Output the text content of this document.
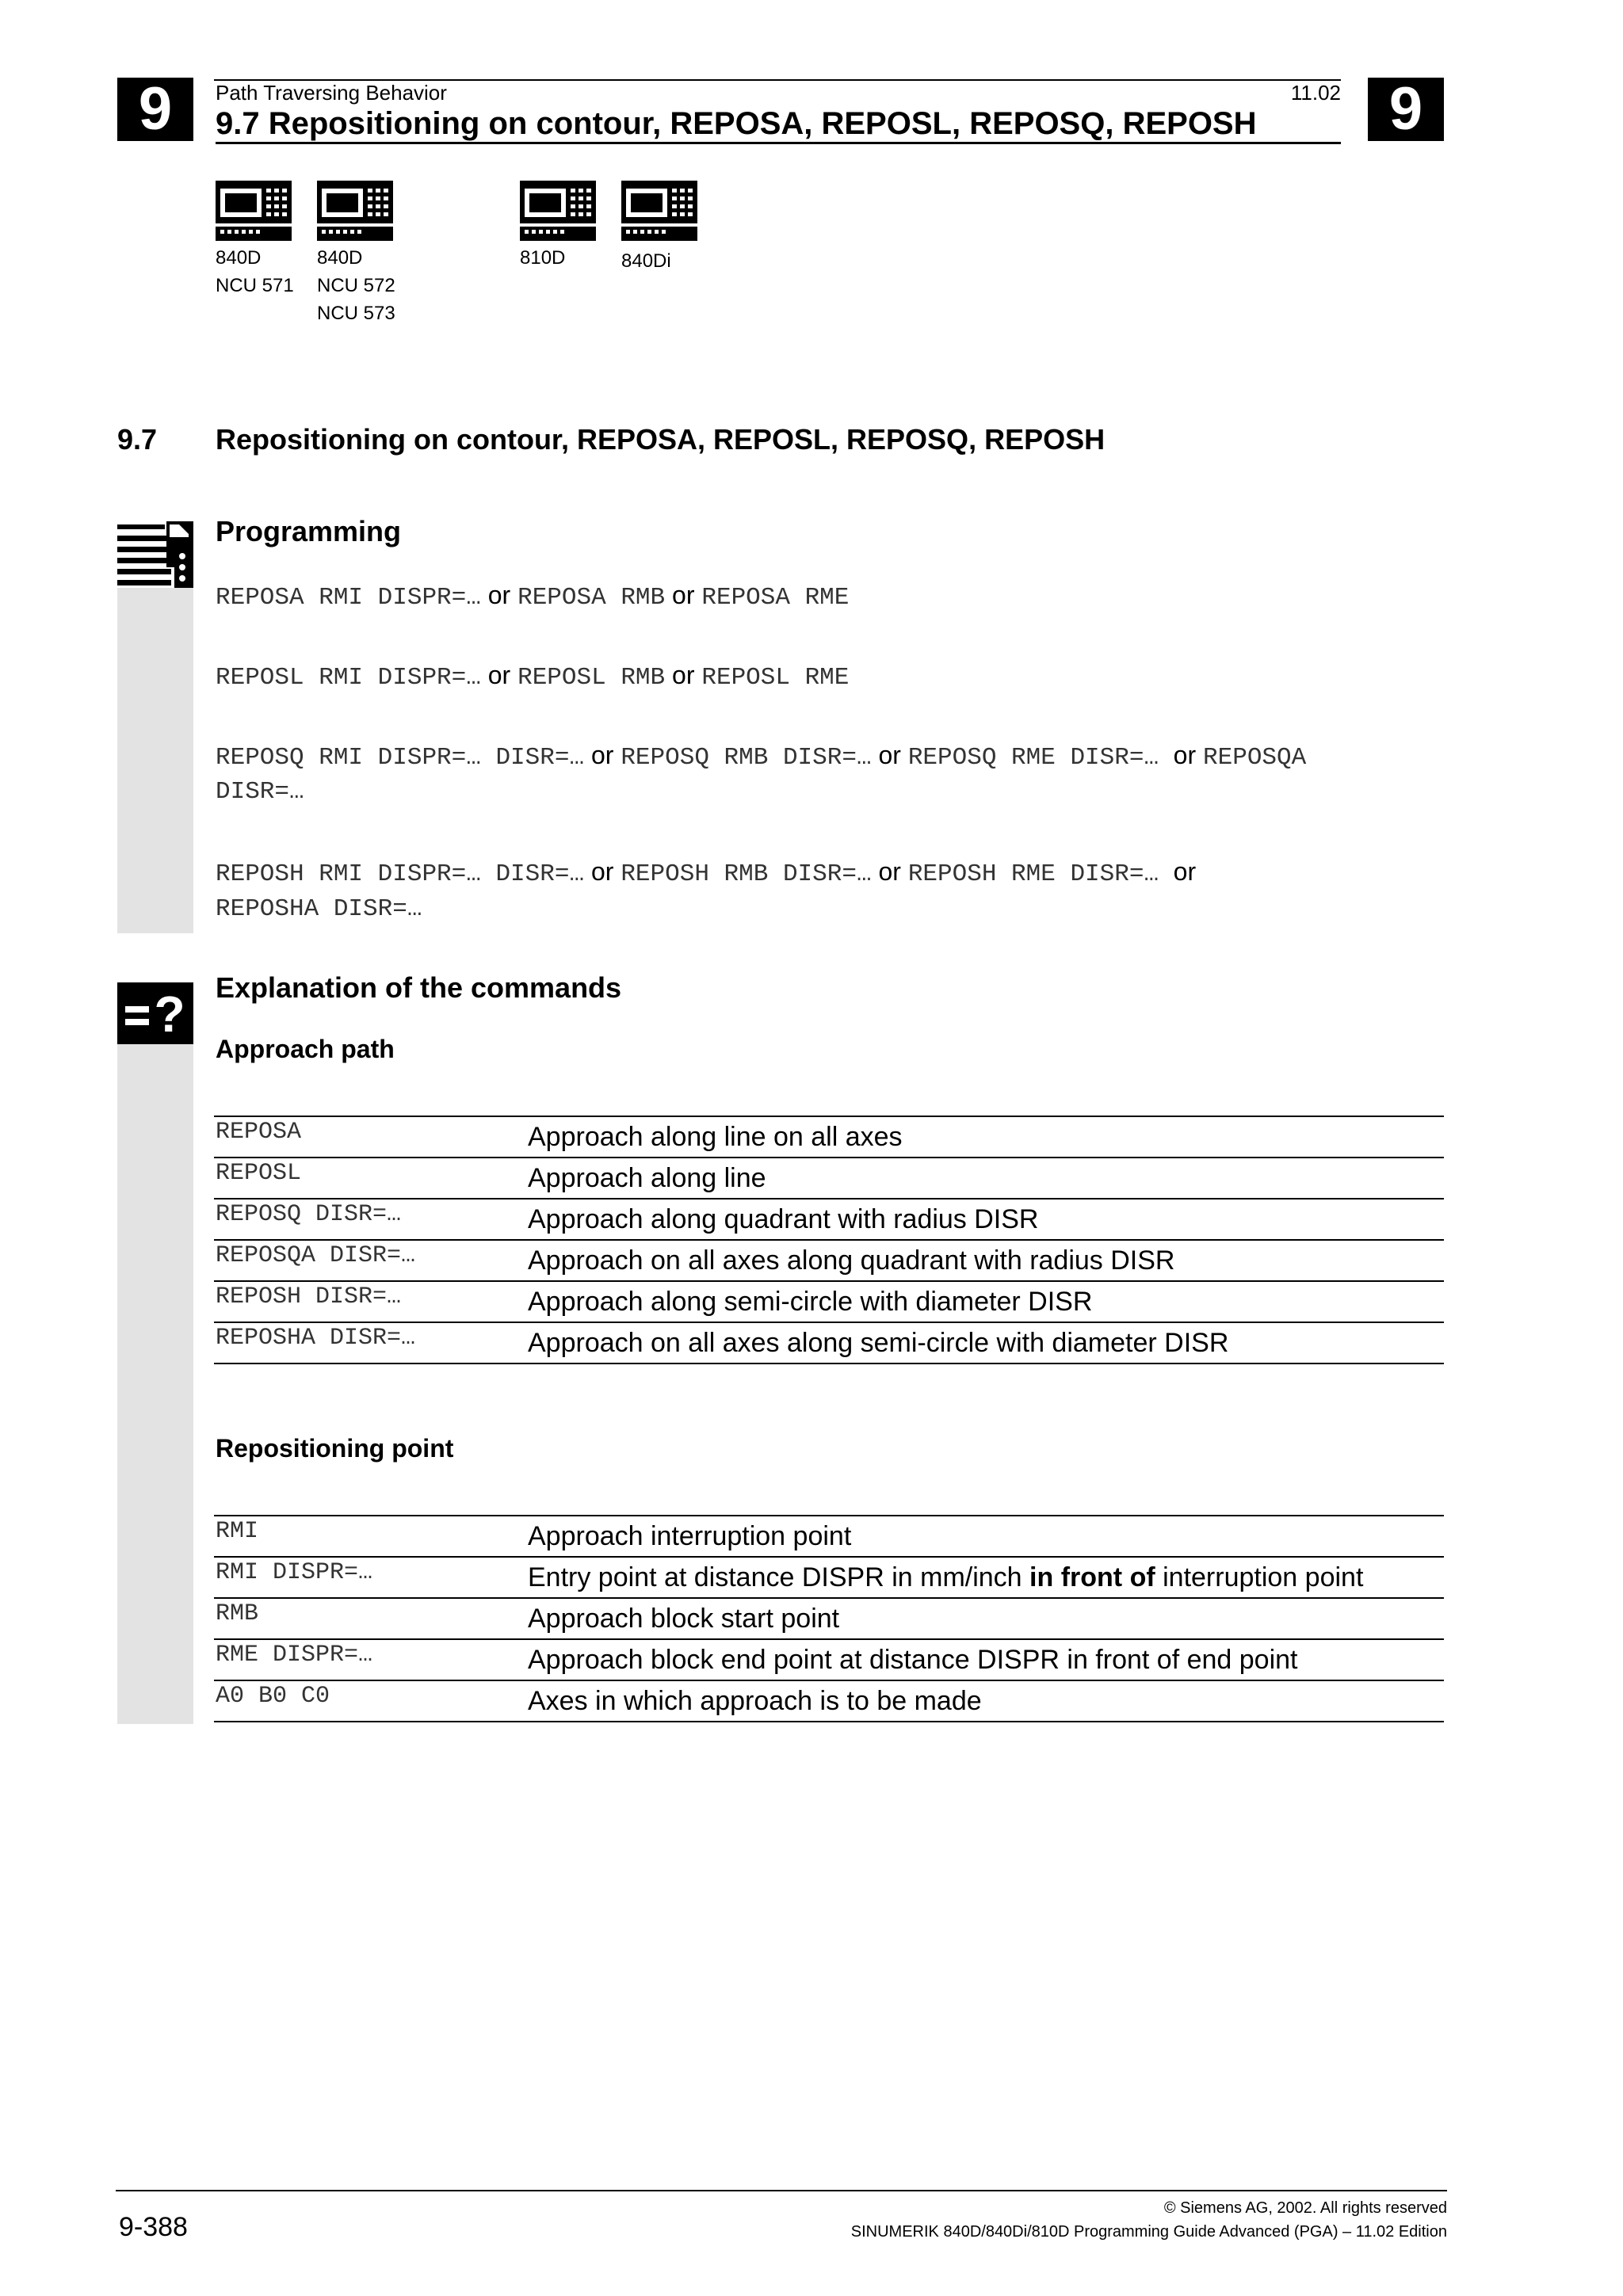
9	9
Path Traversing Behavior	11.02
9.7 Repositioning on contour, REPOSA, REPOSL, REPOSQ, REPOSH
840D
NCU 571
840D
NCU 572
NCU 573
810D	840Di
9.7 Repositioning on contour, REPOSA, REPOSL, REPOSQ, REPOSH
Programming
REPOSA RMI DISPR=… or REPOSA RMB or REPOSA RME
REPOSL RMI DISPR=… or REPOSL RMB or REPOSL RME
REPOSQ RMI DISPR=… DISR=… or REPOSQ RMB DISR=… or REPOSQ RME DISR=… or REPOSQA
DISR=…
REPOSH RMI DISPR=… DISR=… or REPOSH RMB DISR=… or REPOSH RME DISR=… or
REPOSHA DISR=…
? Explanation of the commands
Approach path
REPOSA	Approach along line on all axes
REPOSL	Approach along line
REPOSQ DISR=…	Approach along quadrant with radius DISR
REPOSQA DISR=…	Approach on all axes along quadrant with radius DISR
REPOSH DISR=…	Approach along semi-circle with diameter DISR
REPOSHA DISR=…	Approach on all axes along semi-circle with diameter DISR
Repositioning point
RMI	Approach interruption point
RMI DISPR=…	Entry point at distance DISPR in mm/inch in front of interruption point
RMB	Approach block start point
RME DISPR=…	Approach block end point at distance DISPR in front of end point
A0 B0 C0	Axes in which approach is to be made
9-388
© Siemens AG, 2002. All rights reserved
SINUMERIK 840D/840Di/810D Programming Guide Advanced (PGA) – 11.02 Edition
